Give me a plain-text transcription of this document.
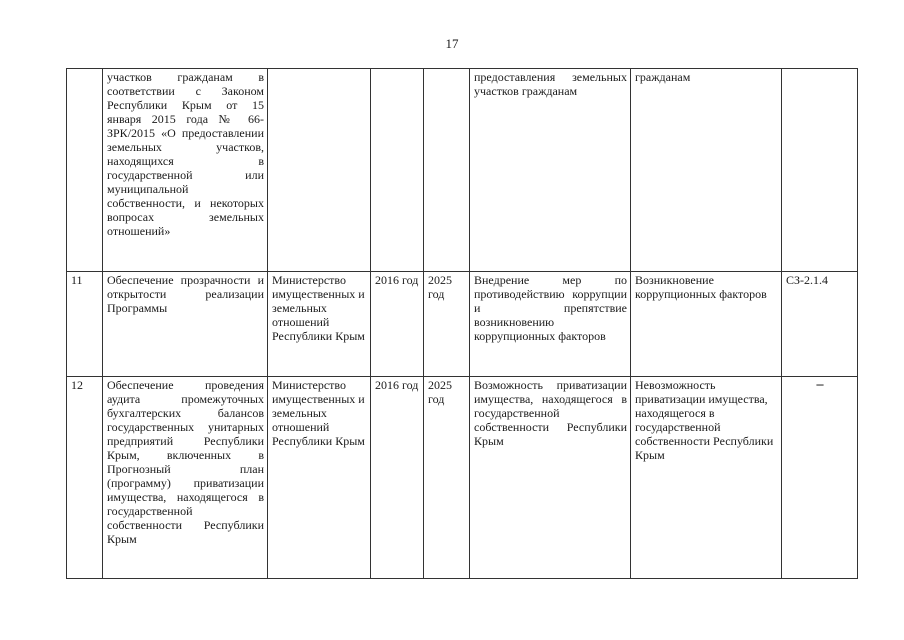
17
	участков гражданам в соответствии с Законом Республики Крым от 15 января 2015 года № 66-ЗРК/2015 «О предоставлении земельных участков, находящихся в государственной или муниципальной собственности, и некоторых вопросах земельных отношений»				предоставления земельных участков гражданам	гражданам	
11	Обеспечение прозрачности и открытости реализации Программы	Министерство имущественных и земельных отношений Республики Крым	2016 год	2025 год	Внедрение мер по противодействию коррупции и препятствие возникновению коррупционных факторов	Возникновение коррупционных факторов	СЗ-2.1.4
12	Обеспечение проведения аудита промежуточных бухгалтерских балансов государственных унитарных предприятий Республики Крым, включенных в Прогнозный план (программу) приватизации имущества, находящегося в государственной собственности Республики Крым	Министерство имущественных и земельных отношений Республики Крым	2016 год	2025 год	Возможность приватизации имущества, находящегося в государственной собственности Республики Крым	Невозможность приватизации имущества, находящегося в государственной собственности Республики Крым	–
